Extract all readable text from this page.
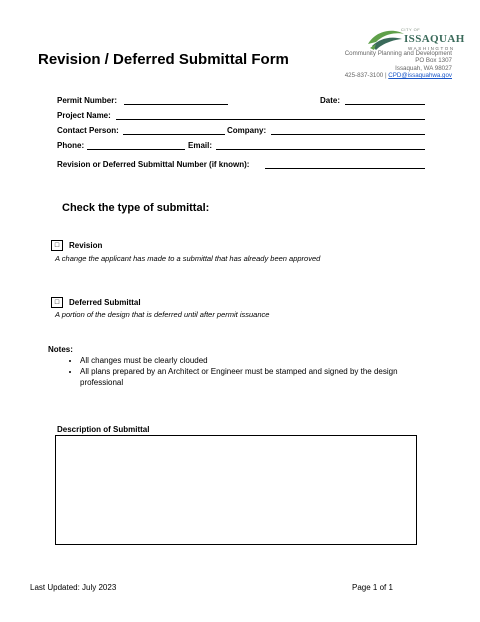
Revision / Deferred Submittal Form
CITY OF
ISSAQUAH
WASHINGTON
Community Planning and Development
PO Box 1307
Issaquah, WA 98027
425-837-3100 | CPD@issaquahwa.gov
Permit Number:	Date:
Project Name:
Contact Person:	Company:
Phone:	Email:
Revision or Deferred Submittal Number (if known):
Check the type of submittal:
□ Revision
A change the applicant has made to a submittal that has already been approved
□ Deferred Submittal
A portion of the design that is deferred until after permit issuance
Notes:
• All changes must be clearly clouded
• All plans prepared by an Architect or Engineer must be stamped and signed by the design professional
Description of Submittal
Last Updated: July 2023	Page 1 of 1
